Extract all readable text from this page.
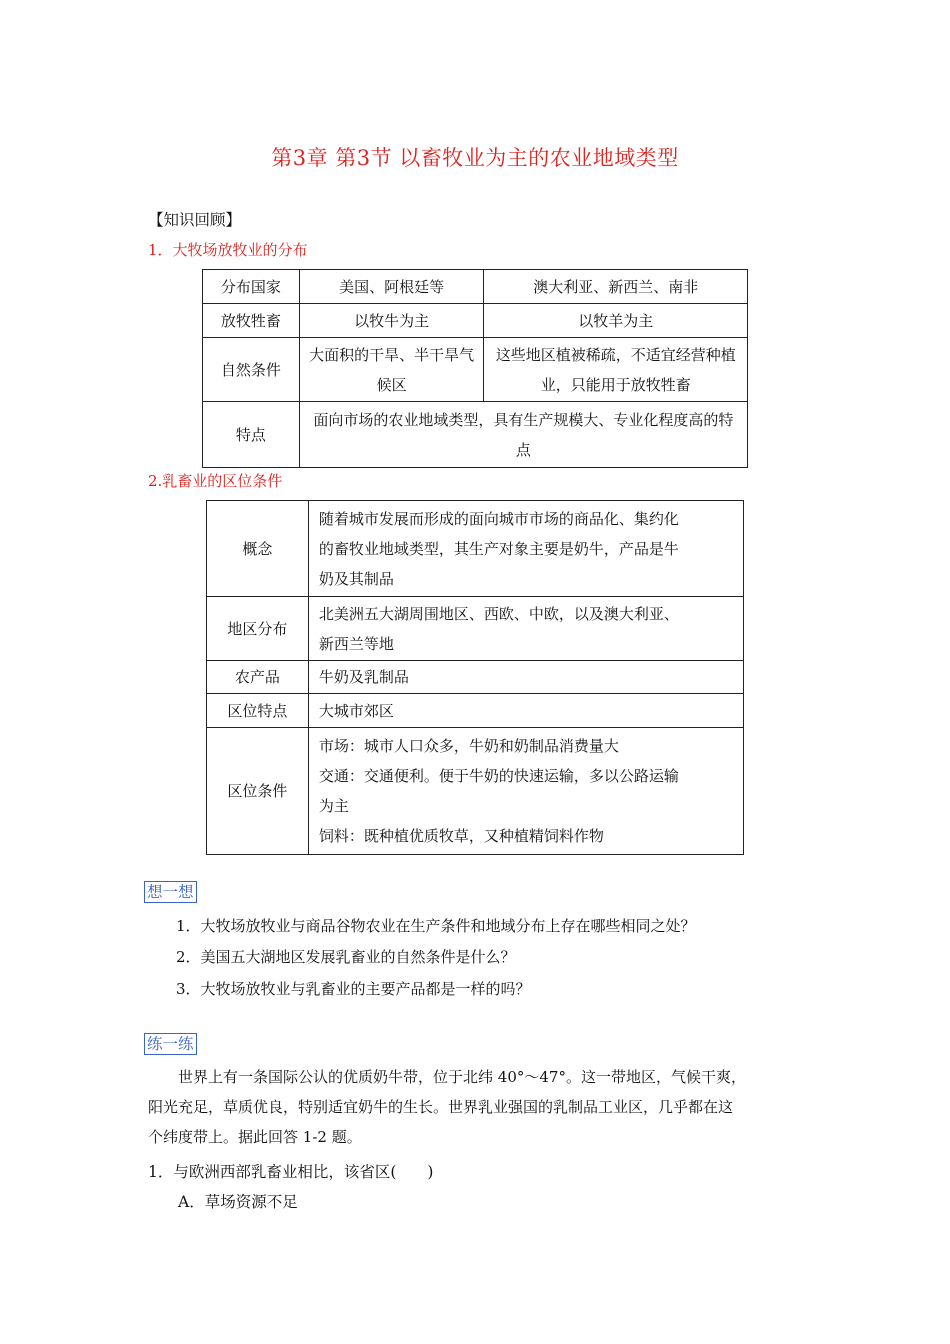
第3章 第3节 以畜牧业为主的农业地域类型
【知识回顾】
1．大牧场放牧业的分布
分布国家	美国、阿根廷等	澳大利亚、新西兰、南非
放牧牲畜	以牧牛为主	以牧羊为主
自然条件	大面积的干旱、半干旱气候区	这些地区植被稀疏，不适宜经营种植业，只能用于放牧牲畜
特点	面向市场的农业地域类型，具有生产规模大、专业化程度高的特点	
2.乳畜业的区位条件
概念	随着城市发展而形成的面向城市市场的商品化、集约化
的畜牧业地域类型，其生产对象主要是奶牛，产品是牛
奶及其制品

地区分布	北美洲五大湖周围地区、西欧、中欧，以及澳大利亚、
新西兰等地

农产品	牛奶及乳制品
区位特点	大城市郊区
区位条件	市场：城市人口众多，牛奶和奶制品消费量大
交通：交通便利。便于牛奶的快速运输，多以公路运输
为主
饲料：既种植优质牧草，又种植精饲料作物
想一想
1．大牧场放牧业与商品谷物农业在生产条件和地域分布上存在哪些相同之处？
2．美国五大湖地区发展乳畜业的自然条件是什么？
3．大牧场放牧业与乳畜业的主要产品都是一样的吗？
练一练
世界上有一条国际公认的优质奶牛带，位于北纬 40°～47°。这一带地区，气候干爽，
阳光充足，草质优良，特别适宜奶牛的生长。世界乳业强国的乳制品工业区，几乎都在这
个纬度带上。据此回答 1-2 题。
1．与欧洲西部乳畜业相比，该省区(　　)
A．草场资源不足
